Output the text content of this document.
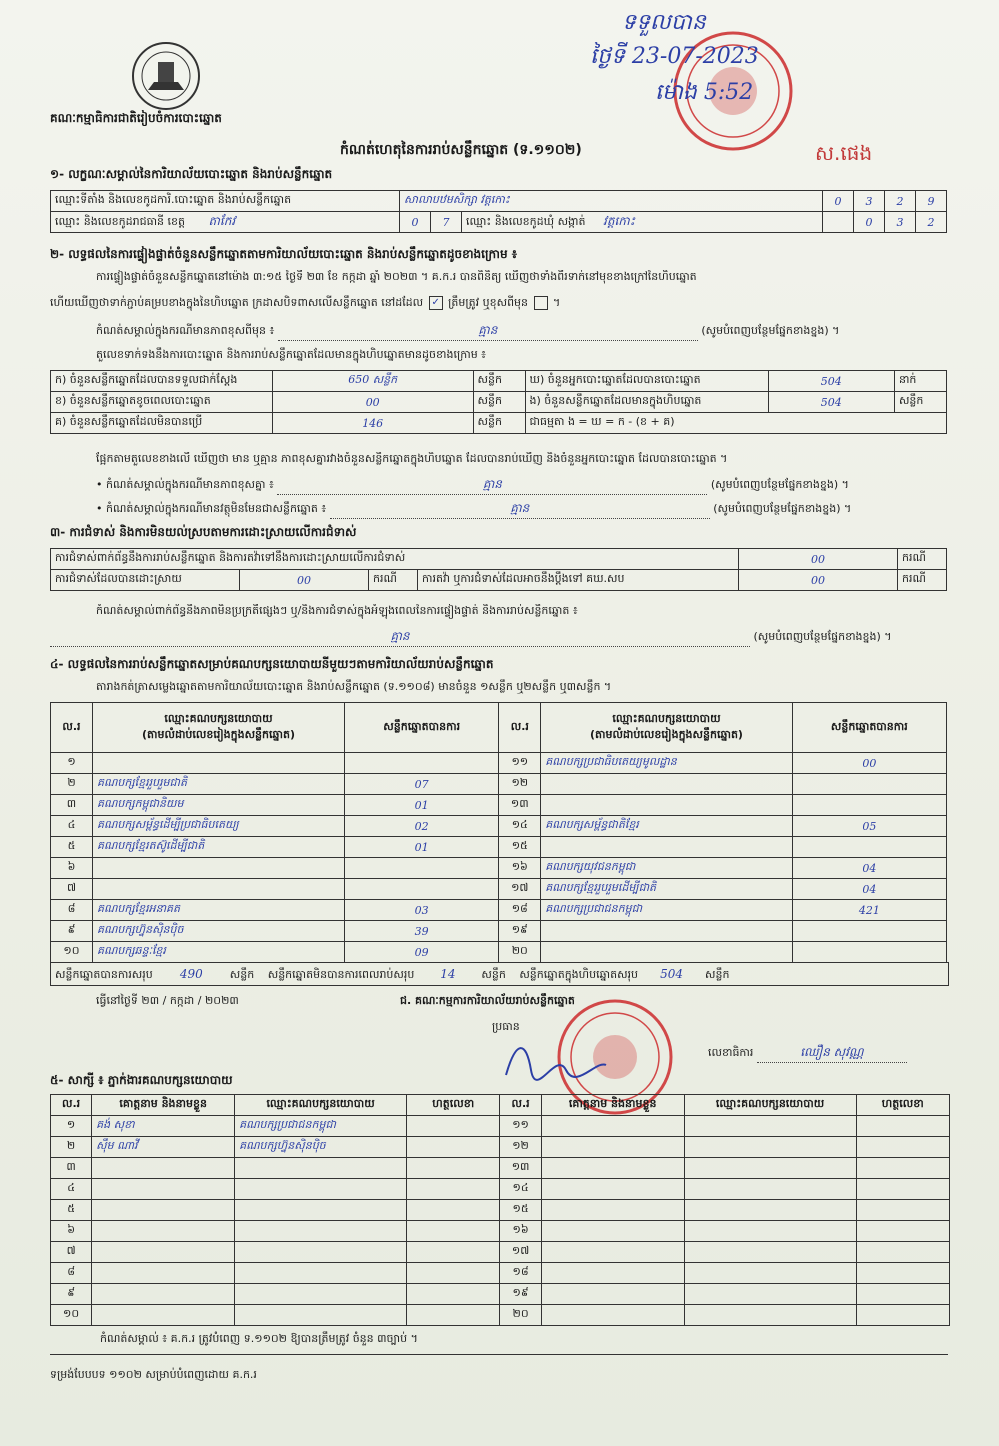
គណៈកម្មាធិការជាតិរៀបចំការបោះឆ្នោត
ទទួលបាន
ថ្ងៃទី 23-07-2023
ម៉ោង 5:52
ស.ផេង
កំណត់ហេតុនៃការរាប់សន្លឹកឆ្នោត (ទ.១១០២)
១- លក្ខណៈសម្គាល់នៃការិយាល័យបោះឆ្នោត និងរាប់សន្លឹកឆ្នោត
ឈ្មោះទីតាំង និងលេខកូដការិ.បោះឆ្នោត និងរាប់សន្លឹកឆ្នោត	សាលាបឋមសិក្សា វត្តកោះ			0	3	2	9
ឈ្មោះ និងលេខកូដរាជធានី ខេត្ត តាកែវ	0	7	ឈ្មោះ និងលេខកូដឃុំ សង្កាត់ វត្តកោះ		0	3	2
២- លទ្ធផលនៃការផ្ទៀងផ្ទាត់ចំនួនសន្លឹកឆ្នោតតាមការិយាល័យបោះឆ្នោត និងរាប់សន្លឹកឆ្នោតដូចខាងក្រោម ៖
ការផ្ទៀងផ្ទាត់ចំនួនសន្លឹកឆ្នោតនៅម៉ោង ៣:១៥ ថ្ងៃទី ២៣ ខែ កក្កដា ឆ្នាំ ២០២៣ ។ គ.ក.រ បានពិនិត្យ ឃើញថាទាំងពីរទាក់នៅមុខខាងក្រៅនៃហិបឆ្នោត
ហើយឃើញថាទាក់ភ្ជាប់គម្របខាងក្នុងនៃហិបឆ្នោត ក្រដាសបិទពាសលើសន្លឹកឆ្នោត នៅដដែល ✓ ត្រឹមត្រូវ ឬខុសពីមុន  ។
កំណត់សម្គាល់ក្នុងករណីមានភាពខុសពីមុន ៖	គ្មាន	(សូមបំពេញបន្ថែមផ្នែកខាងខ្នង) ។
តួលេខទាក់ទងនឹងការបោះឆ្នោត និងការរាប់សន្លឹកឆ្នោតដែលមានក្នុងហិបឆ្នោតមានដូចខាងក្រោម ៖
ក) ចំនួនសន្លឹកឆ្នោតដែលបានទទួលជាក់ស្តែង	650 សន្លឹក	សន្លឹក	ឃ) ចំនួនអ្នកបោះឆ្នោតដែលបានបោះឆ្នោត	504	នាក់
ខ) ចំនួនសន្លឹកឆ្នោតខូចពេលបោះឆ្នោត	00	សន្លឹក	ង) ចំនួនសន្លឹកឆ្នោតដែលមានក្នុងហិបឆ្នោត	504	សន្លឹក
គ) ចំនួនសន្លឹកឆ្នោតដែលមិនបានប្រើ	146	សន្លឹក	ជាធម្មតា ង = ឃ = ក - (ខ + គ)		
ផ្អែកតាមតួលេខខាងលើ ឃើញថា មាន ឬគ្មាន ភាពខុសគ្នារវាងចំនួនសន្លឹកឆ្នោតក្នុងហិបឆ្នោត ដែលបានរាប់ឃើញ និងចំនួនអ្នកបោះឆ្នោត ដែលបានបោះឆ្នោត ។
• កំណត់សម្គាល់ក្នុងករណីមានភាពខុសគ្នា ៖	គ្មាន	(សូមបំពេញបន្ថែមផ្នែកខាងខ្នង) ។
• កំណត់សម្គាល់ក្នុងករណីមានវត្ថុមិនមែនជាសន្លឹកឆ្នោត ៖	គ្មាន	(សូមបំពេញបន្ថែមផ្នែកខាងខ្នង) ។
៣- ការជំទាស់ និងការមិនយល់ស្របតាមការដោះស្រាយលើការជំទាស់
ការជំទាស់ពាក់ព័ន្ធនឹងការរាប់សន្លឹកឆ្នោត និងការតវ៉ាទៅនឹងការដោះស្រាយលើការជំទាស់				00	ករណី
ការជំទាស់ដែលបានដោះស្រាយ	00	ករណី	ការតវ៉ា ឬការជំទាស់ដែលអាចនឹងប្តឹងទៅ គឃ.សប	00	ករណី
កំណត់សម្គាល់ពាក់ព័ន្ធនឹងភាពមិនប្រក្រតីផ្សេងៗ ឬ/និងការជំទាស់ក្នុងអំឡុងពេលនៃការផ្ទៀងផ្ទាត់ និងការរាប់សន្លឹកឆ្នោត ៖
គ្មាន	(សូមបំពេញបន្ថែមផ្នែកខាងខ្នង) ។
៤- លទ្ធផលនៃការរាប់សន្លឹកឆ្នោតសម្រាប់គណបក្សនយោបាយនីមួយៗតាមការិយាល័យរាប់សន្លឹកឆ្នោត
តារាងកត់ត្រាសម្លេងឆ្នោតតាមការិយាល័យបោះឆ្នោត និងរាប់សន្លឹកឆ្នោត (ទ.១១០៨) មានចំនួន ១សន្លឹក ឬ២សន្លឹក ឬ៣សន្លឹក ។
ល.រ	ឈ្មោះគណបក្សនយោបាយ
(តាមលំដាប់លេខរៀងក្នុងសន្លឹកឆ្នោត)	សន្លឹកឆ្នោតបានការ	ល.រ	ឈ្មោះគណបក្សនយោបាយ
(តាមលំដាប់លេខរៀងក្នុងសន្លឹកឆ្នោត)	សន្លឹកឆ្នោតបានការ
១			១១	គណបក្សប្រជាធិបតេយ្យមូលដ្ឋាន	00
២	គណបក្សខ្មែររួបរួមជាតិ	07	១២		
៣	គណបក្សកម្ពុជានិយម	01	១៣		
៤	គណបក្សសម្ព័ន្ធដើម្បីប្រជាធិបតេយ្យ	02	១៤	គណបក្សសម្ព័ន្ធជាតិខ្មែរ	05
៥	គណបក្សខ្មែរតស៊ូដើម្បីជាតិ	01	១៥		
៦			១៦	គណបក្សយុវជនកម្ពុជា	04
៧			១៧	គណបក្សខ្មែររួបរួមដើម្បីជាតិ	04
៨	គណបក្សខ្មែរអនាគត	03	១៨	គណបក្សប្រជាជនកម្ពុជា	421
៩	គណបក្សហ្វ៊ុនស៊ិនប៉ិច	39	១៩		
១០	គណបក្សឆន្ទៈខ្មែរ	09	២០		
សន្លឹកឆ្នោតបានការសរុប 490 សន្លឹក សន្លឹកឆ្នោតមិនបានការពេលរាប់សរុប 14 សន្លឹក សន្លឹកឆ្នោតក្នុងហិបឆ្នោតសរុប 504 សន្លឹក
ធ្វើនៅថ្ងៃទី ២៣ / កក្កដា / ២០២៣	ជ. គណៈកម្មការការិយាល័យរាប់សន្លឹកឆ្នោត
ប្រធាន
លេខាធិការ	ឈឿន សុវណ្ណ
៥- សាក្សី ៖ ភ្នាក់ងារគណបក្សនយោបាយ
ល.រ	គោត្តនាម និងនាមខ្លួន	ឈ្មោះគណបក្សនយោបាយ	ហត្ថលេខា	ល.រ	គោត្តនាម និងនាមខ្លួន	ឈ្មោះគណបក្សនយោបាយ	ហត្ថលេខា
១	គង់ សុខា	គណបក្សប្រជាជនកម្ពុជា		១១			
២	ស៊ឹម ណាវី	គណបក្សហ្វ៊ុនស៊ិនប៉ិច		១២			
៣				១៣			
៤				១៤			
៥				១៥			
៦				១៦			
៧				១៧			
៨				១៨			
៩				១៩			
១០				២០			
កំណត់សម្គាល់ ៖ គ.ក.រ ត្រូវបំពេញ ទ.១១០២ ឱ្យបានត្រឹមត្រូវ ចំនួន ៣ច្បាប់ ។
ទម្រង់បែបបទ ១១០២ សម្រាប់បំពេញដោយ គ.ក.រ
